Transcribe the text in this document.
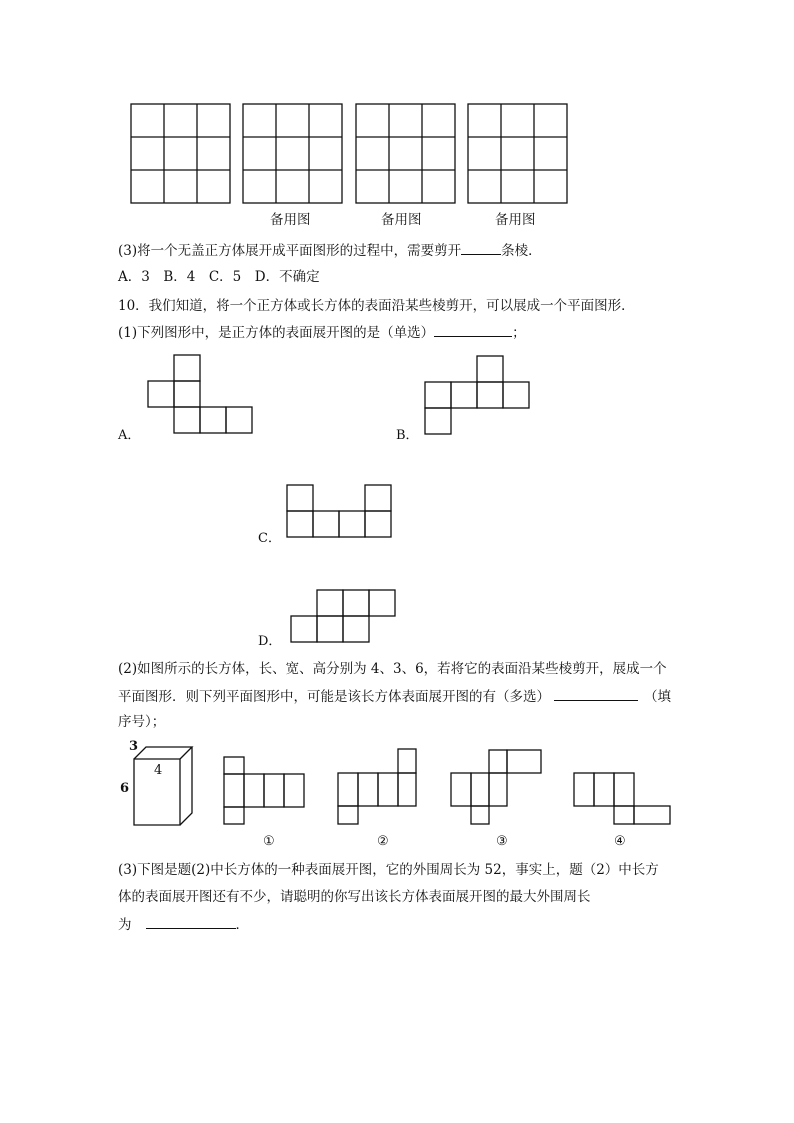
备用图	备用图	备用图
(3)将一个无盖正方体展开成平面图形的过程中，需要剪开	条棱．
A．3　B．4　C．5　D．不确定
10．我们知道，将一个正方体或长方体的表面沿某些棱剪开，可以展成一个平面图形．
(1)下列图形中，是正方体的表面展开图的是（单选）	；
A．	B．
C．
D．
(2)如图所示的长方体，长、宽、高分别为 4、3、6，若将它的表面沿某些棱剪开，展成一个
平面图形．则下列平面图形中，可能是该长方体表面展开图的有（多选）	（填
序号）；
3
4
6
①	②	③	④
(3)下图是题(2)中长方体的一种表面展开图，它的外围周长为 52，事实上，题（2）中长方
体的表面展开图还有不少，请聪明的你写出该长方体表面展开图的最大外围周长
为	．
